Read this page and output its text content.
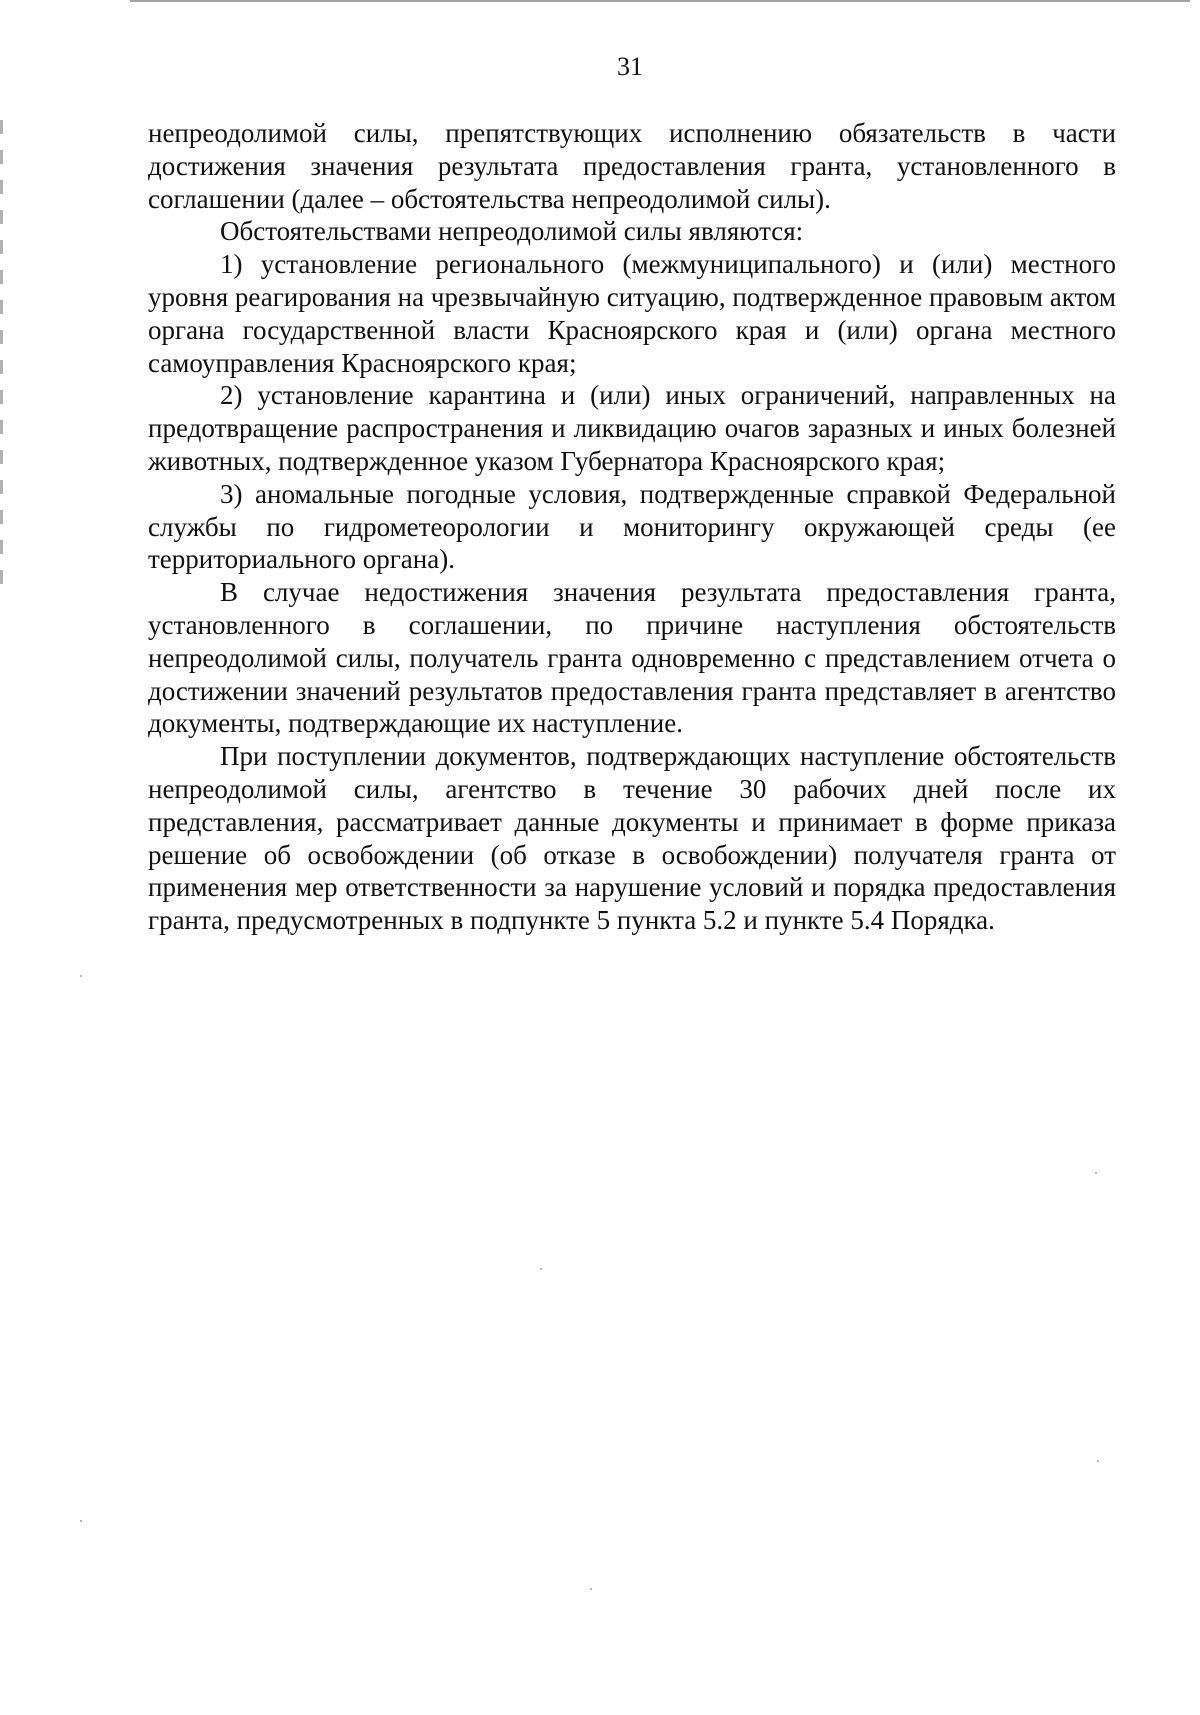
31

непреодолимой силы, препятствующих исполнению обязательств в части достижения значения результата предоставления гранта, установленного в соглашении (далее – обстоятельства непреодолимой силы).

Обстоятельствами непреодолимой силы являются:

1) установление регионального (межмуниципального) и (или) местного уровня реагирования на чрезвычайную ситуацию, подтвержденное правовым актом органа государственной власти Красноярского края и (или) органа местного самоуправления Красноярского края;

2) установление карантина и (или) иных ограничений, направленных на предотвращение распространения и ликвидацию очагов заразных и иных болезней животных, подтвержденное указом Губернатора Красноярского края;

3) аномальные погодные условия, подтвержденные справкой Федеральной службы по гидрометеорологии и мониторингу окружающей среды (ее территориального органа).

В случае недостижения значения результата предоставления гранта, установленного в соглашении, по причине наступления обстоятельств непреодолимой силы, получатель гранта одновременно с представлением отчета о достижении значений результатов предоставления гранта представляет в агентство документы, подтверждающие их наступление.

При поступлении документов, подтверждающих наступление обстоятельств непреодолимой силы, агентство в течение 30 рабочих дней после их представления, рассматривает данные документы и принимает в форме приказа решение об освобождении (об отказе в освобождении) получателя гранта от применения мер ответственности за нарушение условий и порядка предоставления гранта, предусмотренных в подпункте 5 пункта 5.2 и пункте 5.4 Порядка.
